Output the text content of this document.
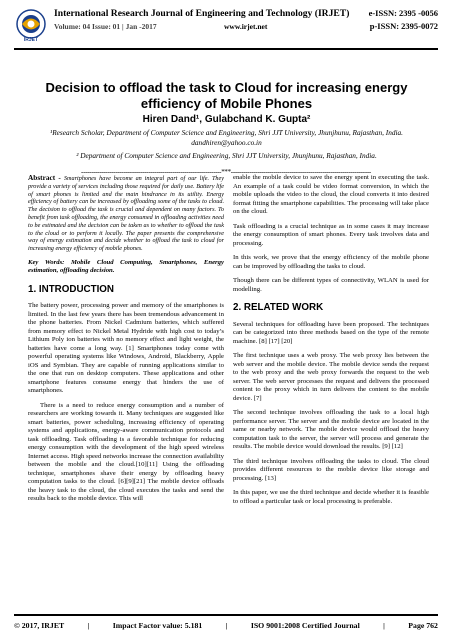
IRJET
International Research Journal of Engineering and Technology (IRJET) e-ISSN: 2395 -0056
Volume: 04 Issue: 01 | Jan -2017	www.irjet.net	p-ISSN: 2395-0072
Decision to offload the task to Cloud for increasing energy efficiency of Mobile Phones
Hiren Dand¹, Gulabchand K. Gupta²
¹Research Scholar, Department of Computer Science and Engineering, Shri JJT University, Jhunjhunu, Rajasthan, India. dandhiren@yahoo.co.in
² Department of Computer Science and Engineering, Shri JJT University, Jhunjhunu, Rajasthan, India.
---------------------------------------------------------------------***---------------------------------------------------------------------

Abstract - Smartphones have become an integral part of our life. They provide a variety of services including those required for daily use. Battery life of smart phones is limited and the main hindrance in its utility. Energy efficiency of battery can be increased by offloading some of the tasks to cloud. The decision to offload the task is crucial and dependent on many factors. To benefit from task offloading, the energy consumed in offloading activities need to be estimated and the decision can be taken as to whether to offload the task to the cloud or to perform it locally. The paper presents the comprehensive way of energy estimation and decide whether to offload the task to cloud for increasing energy efficiency of mobile phones.

Key Words: Mobile Cloud Computing, Smartphones, Energy estimation, offloading decision.

1. INTRODUCTION

The battery power, processing power and memory of the smartphones is limited. In the last few years there has been tremendous advancement in the phone batteries. From Nickel Cadmium batteries, which suffered from memory effect to Nickel Metal Hydride with high cost to today’s Lithium Poly ion batteries with no memory effect and light weight, the batteries have come a long way. [1] Smartphones today come with powerful operating systems like Windows, Android, Blackberry, Apple iOS and Symbian. They are capable of running applications similar to the one that run on desktop computers. These applications and other smartphone features consume energy that hinders the use of smartphones.

There is a need to reduce energy consumption and a number of researchers are working towards it. Many techniques are suggested like smart batteries, power scheduling, increasing efficiency of operating systems and applications, energy-aware communication protocols and task offloading. Task offloading is a favorable technique for reducing energy consumption with the development of the high speed wireless Internet access. High speed networks increase the connection availability between the mobile and the cloud.[10][11] Using the offloading technique, smartphones shave their energy by offloading heavy computation tasks to the cloud. [6][9][21] The mobile device offloads the heavy task to the cloud, the cloud executes the tasks and send the results back to the mobile device. This will

enable the mobile device to save the energy spent in executing the task. An example of a task could be video format conversion, in which the mobile uploads the video to the cloud, the cloud converts it into desired format fitting the smartphone capabilities. The processing will take place on the cloud.

Task offloading is a crucial technique as in some cases it may increase the energy consumption of smart phones. Every task involves data and processing.

In this work, we prove that the energy efficiency of the mobile phone can be improved by offloading the tasks to cloud.

Though there can be different types of connectivity, WLAN is used for modelling.

2. RELATED WORK

Several techniques for offloading have been proposed. The techniques can be categorized into three methods based on the type of the remote machine. [8] [17] [20]

The first technique uses a web proxy. The web proxy lies between the web server and the mobile device. The mobile device sends the request to the web proxy and the web proxy forwards the request to the web server. The web server processes the request and delivers the processed content to the proxy which in turn delivers the content to the mobile device. [7]

The second technique involves offloading the task to a local high performance server. The server and the mobile device are located in the same or nearby network. The mobile device would offload the heavy computation task to the server, the server will process and generate the results. The mobile device would download the results. [9] [12]

The third technique involves offloading the tasks to cloud. The cloud provides different resources to the mobile device like storage and processing. [13]

In this paper, we use the third technique and decide whether it is feasible to offload a particular task or local processing is preferable.

© 2017, IRJET	|	Impact Factor value: 5.181	|	ISO 9001:2008 Certified Journal	|	Page 762
